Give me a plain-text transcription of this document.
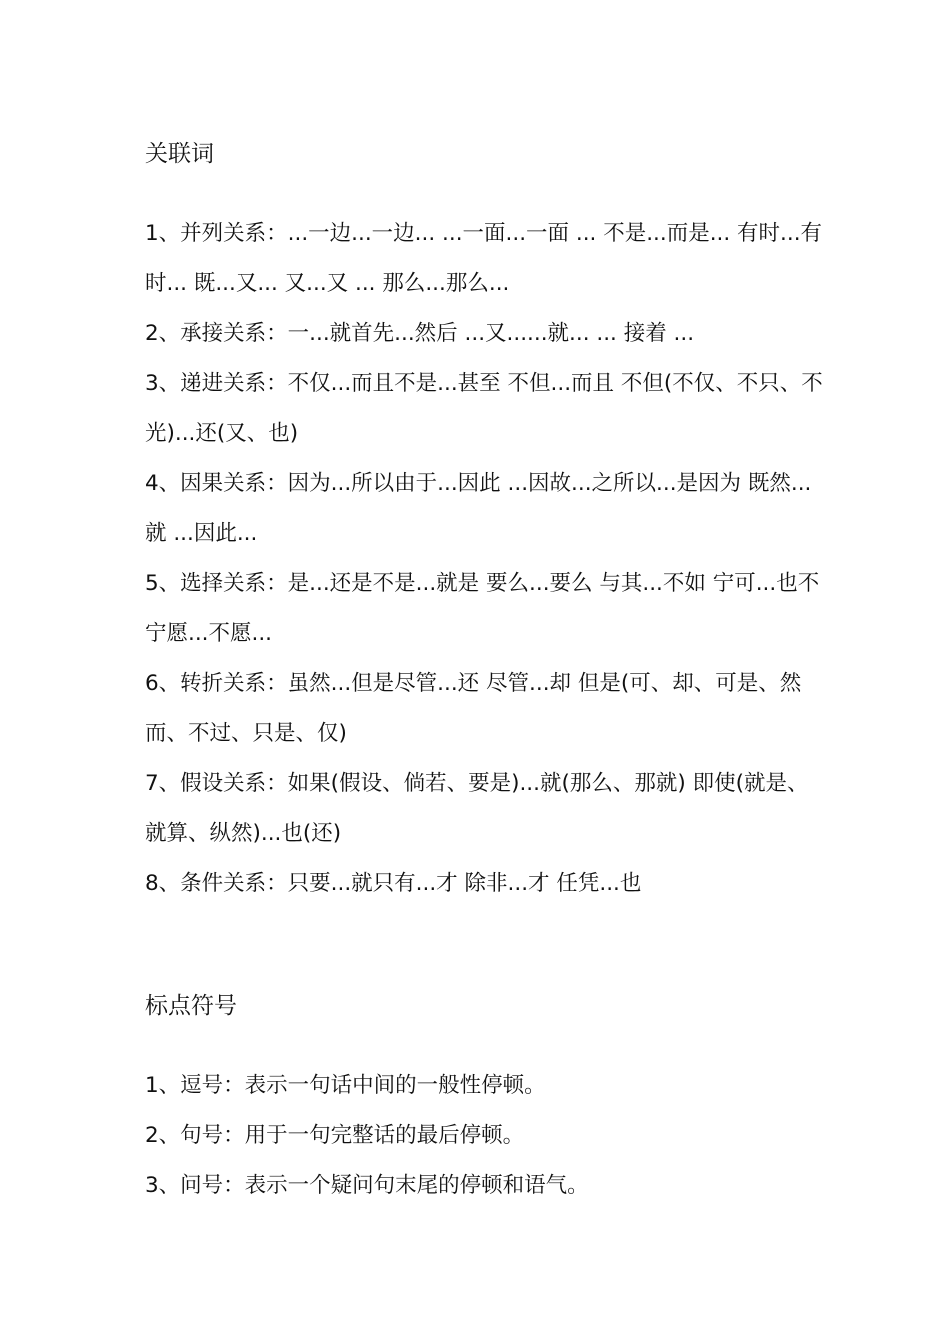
关联词
1、并列关系：...一边...一边... ...一面...一面 ... 不是...而是... 有时...有时... 既...又... 又...又 ... 那么...那么...
2、承接关系：一...就首先...然后 ...又......就... ... 接着 ...
3、递进关系：不仅...而且不是...甚至 不但...而且 不但(不仅、不只、不光)...还(又、也)
4、因果关系：因为...所以由于...因此 ...因故...之所以...是因为 既然...就 ...因此...
5、选择关系：是...还是不是...就是 要么...要么 与其...不如 宁可...也不 宁愿...不愿...
6、转折关系：虽然...但是尽管...还 尽管...却 但是(可、却、可是、然而、不过、只是、仅)
7、假设关系：如果(假设、倘若、要是)...就(那么、那就) 即使(就是、就算、纵然)...也(还)
8、条件关系：只要...就只有...才 除非...才 任凭...也
标点符号
1、逗号：表示一句话中间的一般性停顿。
2、句号：用于一句完整话的最后停顿。
3、问号：表示一个疑问句末尾的停顿和语气。
